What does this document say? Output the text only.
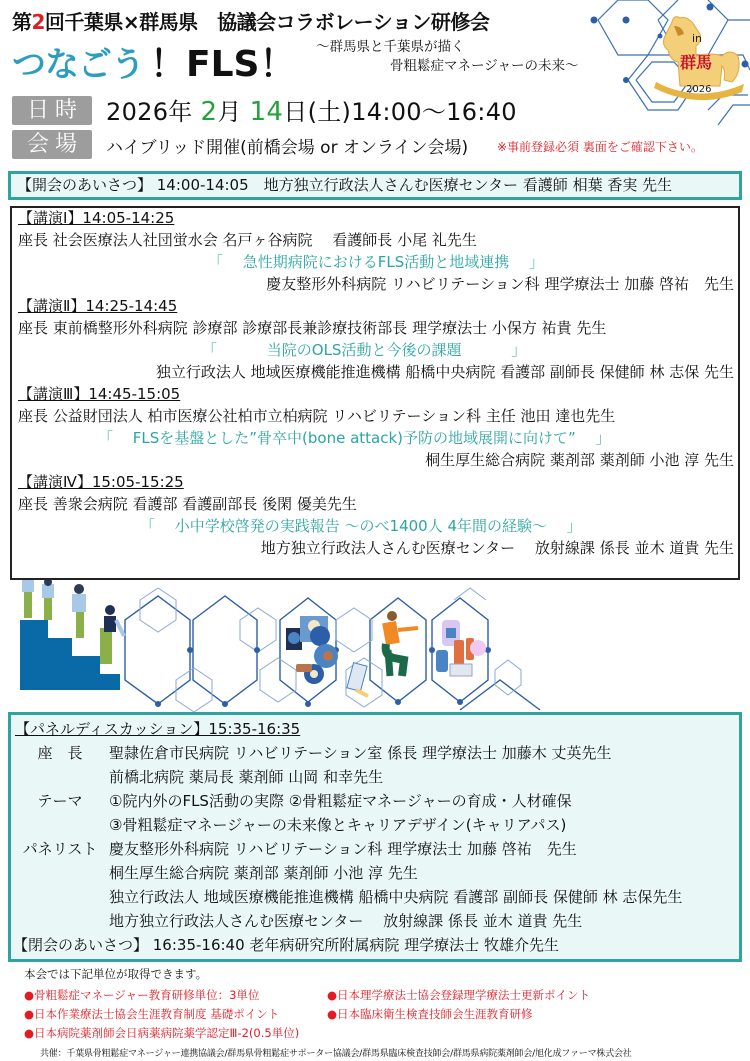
第2回千葉県×群馬県　協議会コラボレーション研修会
つなごう ！FLS！ ～群馬県と千葉県が描く
骨粗鬆症マネージャーの未来～
in
群馬
2026
日時 2026年 2月 14日(土)14:00～16:40
会場	ハイブリッド開催(前橋会場 or オンライン会場) ※事前登録必須 裏面をご確認下さい。
【開会のあいさつ】 14:00-14:05　地方独立行政法人さんむ医療センター 看護師 相葉 香実 先生
【講演Ⅰ】14:05-14:25
座長 社会医療法人社団蛍水会 名戸ヶ谷病院　 看護師長 小尾 礼先生
「　 急性期病院におけるFLS活動と地域連携　 」
慶友整形外科病院 リハビリテーション科 理学療法士 加藤 啓祐　先生
【講演Ⅱ】14:25-14:45
座長 東前橋整形外科病院 診療部 診療部長兼診療技術部長 理学療法士 小保方 祐貴 先生
「　　　 当院のOLS活動と今後の課題　　　 」
独立行政法人 地域医療機能推進機構 船橋中央病院 看護部 副師長 保健師 林 志保 先生
【講演Ⅲ】14:45-15:05
座長 公益財団法人 柏市医療公社柏市立柏病院 リハビリテーション科 主任 池田 達也先生
「　 FLSを基盤とした”骨卒中(bone attack)予防の地域展開に向けて”　 」
桐生厚生総合病院 薬剤部 薬剤師 小池 淳 先生
【講演Ⅳ】15:05-15:25
座長 善衆会病院 看護部 看護副部長 後閑 優美先生
「　 小中学校啓発の実践報告 ～のべ1400人 4年間の経験～　 」
地方独立行政法人さんむ医療センター　 放射線課 係長 並木 道貴 先生
【パネルディスカッション】15:35-16:35
座　長	聖隷佐倉市民病院 リハビリテーション室 係長 理学療法士 加藤木 丈英先生
前橋北病院 薬局長 薬剤師 山岡 和幸先生
テーマ	①院内外のFLS活動の実際 ②骨粗鬆症マネージャーの育成・人材確保
③骨粗鬆症マネージャーの未来像とキャリアデザイン(キャリアパス)
パネリスト 慶友整形外科病院 リハビリテーション科 理学療法士 加藤 啓祐　先生
桐生厚生総合病院 薬剤部 薬剤師 小池 淳 先生
独立行政法人 地域医療機能推進機構 船橋中央病院 看護部 副師長 保健師 林 志保先生
地方独立行政法人さんむ医療センター　 放射線課 係長 並木 道貴 先生
【閉会のあいさつ】 16:35-16:40 老年病研究所附属病院 理学療法士 牧雄介先生
本会では下記単位が取得できます。
●骨粗鬆症マネージャー教育研修単位：3単位	●日本理学療法士協会登録理学療法士更新ポイント
●日本作業療法士協会生涯教育制度 基礎ポイント	●日本臨床衛生検査技師会生涯教育研修
●日本病院薬剤師会日病薬病院薬学認定Ⅲ-2(0.5単位)
共催：千葉県骨粗鬆症マネージャー連携協議会/群馬県骨粗鬆症サポーター協議会/群馬県臨床検査技師会/群馬県病院薬剤師会/旭化成ファーマ株式会社
